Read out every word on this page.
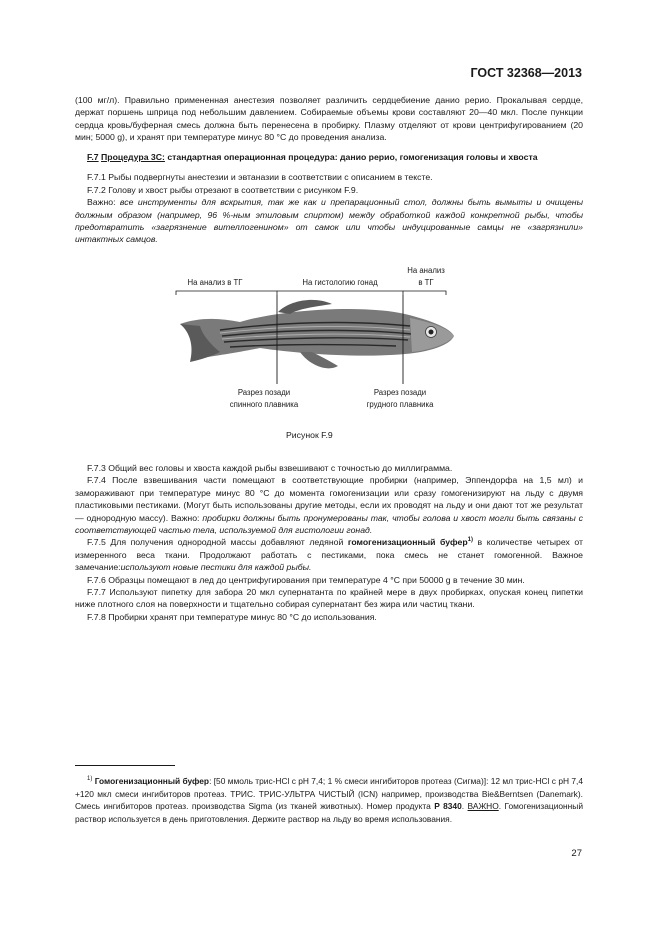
ГОСТ 32368—2013

(100 мг/л). Правильно примененная анестезия позволяет различить сердцебиение данио рерио. Прокалывая сердце, держат поршень шприца под небольшим давлением. Собираемые объемы крови составляют 20—40 мкл. После пункции сердца кровь/буферная смесь должна быть перенесена в пробирку. Плазму отделяют от крови центрифугированием (20 мин; 5000 g), и хранят при температуре минус 80 °С до проведения анализа.

F.7 Процедура 3С: стандартная операционная процедура: данио рерио, гомогенизация головы и хвоста

F.7.1 Рыбы подвергнуты анестезии и эвтаназии в соответствии с описанием в тексте.

F.7.2 Голову и хвост рыбы отрезают в соответствии с рисунком F.9.

Важно: все инструменты для вскрытия, так же как и препарационный стол, должны быть вымыты и очищены должным образом (например, 96 %-ным этиловым спиртом) между обработкой каждой конкретной рыбы, чтобы предотвратить «загрязнение вителлогенином» от самок или чтобы индуцированные самцы не «загрязнили» интактных самцов.

На анализ в ТГ	На гистологию гонад
На анализ
в ТГ
Разрез позади
спинного плавника
Разрез позади
грудного плавника
Рисунок F.9

F.7.3 Общий вес головы и хвоста каждой рыбы взвешивают с точностью до миллиграмма.

F.7.4 После взвешивания части помещают в соответствующие пробирки (например, Эппендорфа на 1,5 мл) и замораживают при температуре минус 80 °С до момента гомогенизации или сразу гомогенизируют на льду с двумя пластиковыми пестиками. (Могут быть использованы другие методы, если их проводят на льду и они дают тот же результат — однородную массу). Важно: пробирки должны быть пронумерованы так, чтобы голова и хвост могли быть связаны с соответствующей частью тела, используемой для гистологии гонад.

F.7.5 Для получения однородной массы добавляют ледяной гомогенизационный буфер$^{1)}$ в количестве четырех от измеренного веса ткани. Продолжают работать с пестиками, пока смесь не станет гомогенной. Важное замечание:используют новые пестики для каждой рыбы.

F.7.6 Образцы помещают в лед до центрифугирования при температуре 4 °С при 50000 g в течение 30 мин.

F.7.7 Используют пипетку для забора 20 мкл супернатанта по крайней мере в двух пробирках, опуская конец пипетки ниже плотного слоя на поверхности и тщательно собирая супернатант без жира или частиц ткани.

F.7.8 Пробирки хранят при температуре минус 80 °С до использования.

$^{1)}$ Гомогенизационный буфер: [50 ммоль трис-HCl с pH 7,4; 1 % смеси ингибиторов протеаз (Сигма)]: 12 мл трис-HCl с pH 7,4 +120 мкл смеси ингибиторов протеаз. ТРИС. ТРИС-УЛЬТРА ЧИСТЫЙ (ICN) например, производства Bie&Berntsen (Danemark). Смесь ингибиторов протеаз. производства Sigma (из тканей животных). Номер продукта P 8340. ВАЖНО. Гомогенизационный раствор используется в день приготовления. Держите раствор на льду во время использования.
27
